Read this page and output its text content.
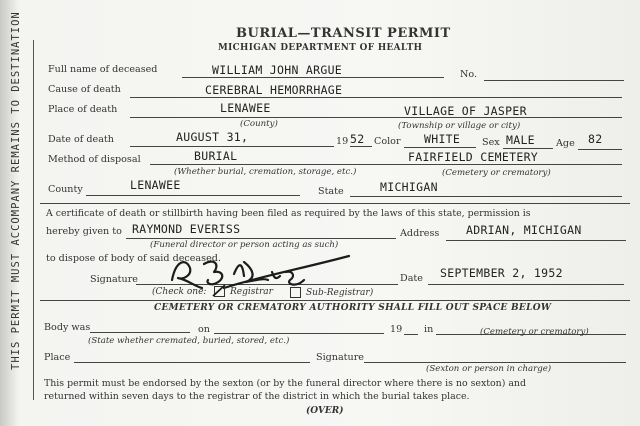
THIS PERMIT MUST ACCOMPANY REMAINS TO DESTINATION	BURIAL—TRANSIT PERMIT
MICHIGAN DEPARTMENT OF HEALTH
Full name of deceased	WILLIAM JOHN ARGUE	No.
Cause of death	CEREBRAL HEMORRHAGE
Place of death	LENAWEE	VILLAGE OF JASPER
(County)	(Township or village or city)
Date of death	AUGUST 31,	19 52 Color WHITE Sex MALE Age 82
Method of disposal	BURIAL	FAIRFIELD CEMETERY
(Whether burial, cremation, storage, etc.)	(Cemetery or crematory)
County	LENAWEE	State	MICHIGAN
A certificate of death or stillbirth having been filed as required by the laws of this state, permission is
hereby given to RAYMOND EVERISS	Address ADRIAN, MICHIGAN
(Funeral director or person acting as such)
to dispose of body of said deceased.
Signature
R B King
Date SEPTEMBER 2, 1952
(Check one:	Registrar	Sub-Registrar)
CEMETERY OR CREMATORY AUTHORITY SHALL FILL OUT SPACE BELOW
Body was	on	19 in
(State whether cremated, buried, stored, etc.)
(Cemetery or crematory)
Place	Signature
(Sexton or person in charge)
This permit must be endorsed by the sexton (or by the funeral director where there is no sexton) and
returned within seven days to the registrar of the district in which the burial takes place.
(OVER)
